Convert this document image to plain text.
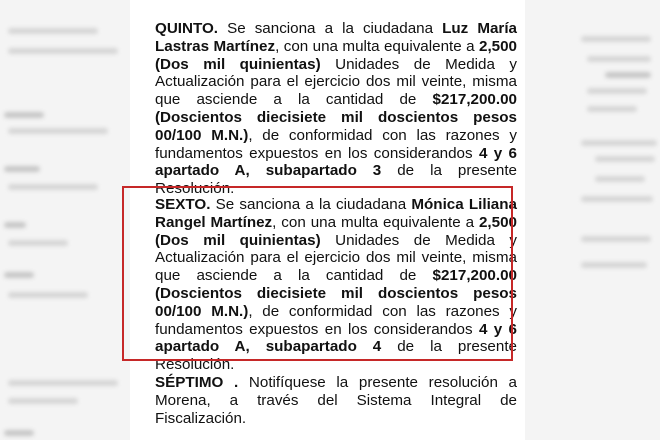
QUINTO. Se sanciona a la ciudadana Luz María Lastras Martínez, con una multa equivalente a 2,500 (Dos mil quinientas) Unidades de Medida y Actualización para el ejercicio dos mil veinte, misma que asciende a la cantidad de $217,200.00 (Doscientos diecisiete mil doscientos pesos 00/100 M.N.), de conformidad con las razones y fundamentos expuestos en los considerandos 4 y 6 apartado A, subapartado 3 de la presente Resolución.

SEXTO. Se sanciona a la ciudadana Mónica Liliana Rangel Martínez, con una multa equivalente a 2,500 (Dos mil quinientas) Unidades de Medida y Actualización para el ejercicio dos mil veinte, misma que asciende a la cantidad de $217,200.00 (Doscientos diecisiete mil doscientos pesos 00/100 M.N.), de conformidad con las razones y fundamentos expuestos en los considerandos 4 y 6 apartado A, subapartado 4 de la presente Resolución.

SÉPTIMO . Notifíquese la presente resolución a Morena, a través del Sistema Integral de Fiscalización.
